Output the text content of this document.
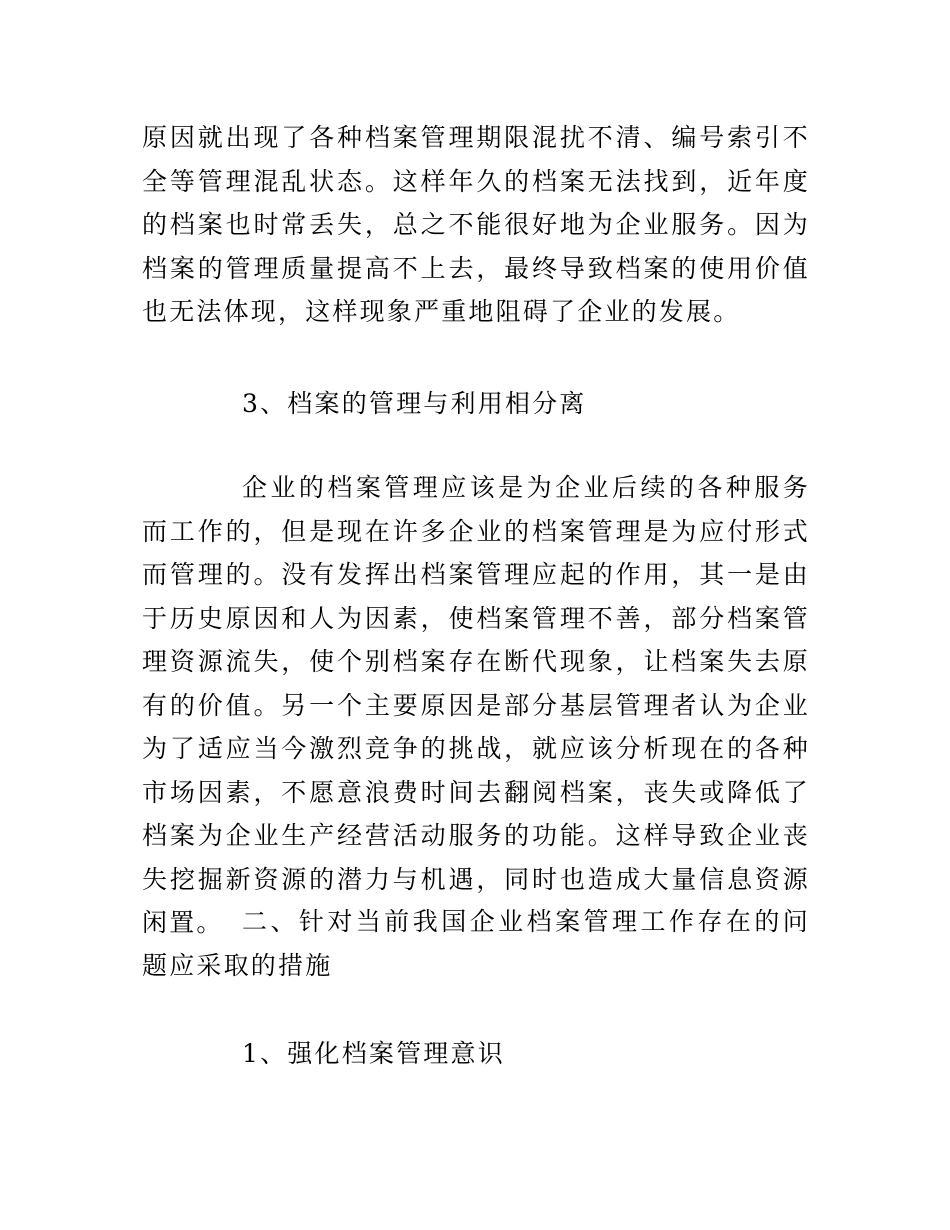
原因就出现了各种档案管理期限混扰不清、编号索引不全等管理混乱状态。这样年久的档案无法找到，近年度的档案也时常丢失，总之不能很好地为企业服务。因为档案的管理质量提高不上去，最终导致档案的使用价值也无法体现，这样现象严重地阻碍了企业的发展。

3、档案的管理与利用相分离

企业的档案管理应该是为企业后续的各种服务而工作的，但是现在许多企业的档案管理是为应付形式而管理的。没有发挥出档案管理应起的作用，其一是由于历史原因和人为因素，使档案管理不善，部分档案管理资源流失，使个别档案存在断代现象，让档案失去原有的价值。另一个主要原因是部分基层管理者认为企业为了适应当今激烈竞争的挑战，就应该分析现在的各种市场因素，不愿意浪费时间去翻阅档案，丧失或降低了档案为企业生产经营活动服务的功能。这样导致企业丧失挖掘新资源的潜力与机遇，同时也造成大量信息资源闲置。 二、针对当前我国企业档案管理工作存在的问题应采取的措施

1、强化档案管理意识
